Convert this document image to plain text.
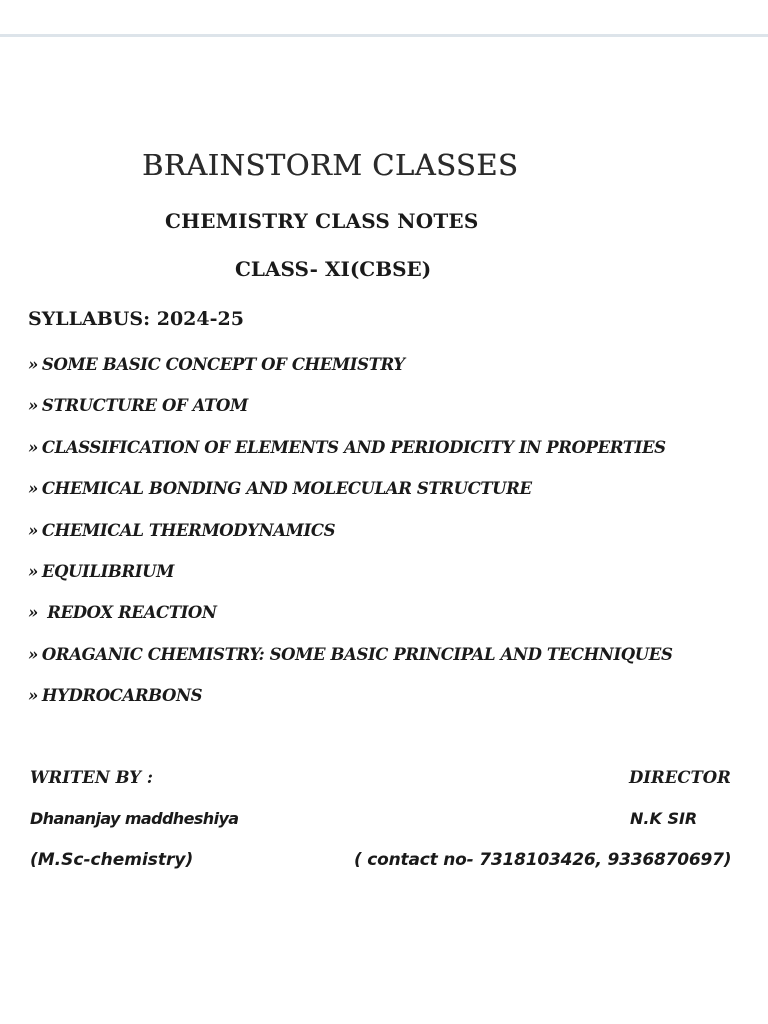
BRAINSTORM CLASSES
CHEMISTRY CLASS NOTES
CLASS- XI(CBSE)
SYLLABUS: 2024-25
» SOME BASIC CONCEPT OF CHEMISTRY
» STRUCTURE OF ATOM
» CLASSIFICATION OF ELEMENTS AND PERIODICITY IN PROPERTIES
» CHEMICAL BONDING AND MOLECULAR STRUCTURE
» CHEMICAL THERMODYNAMICS
» EQUILIBRIUM
» REDOX REACTION
» ORAGANIC CHEMISTRY: SOME BASIC PRINCIPAL AND TECHNIQUES
» HYDROCARBONS
WRITEN BY :
Dhananjay maddheshiya
(M.Sc-chemistry)
DIRECTOR
N.K SIR
( contact no- 7318103426, 9336870697)
